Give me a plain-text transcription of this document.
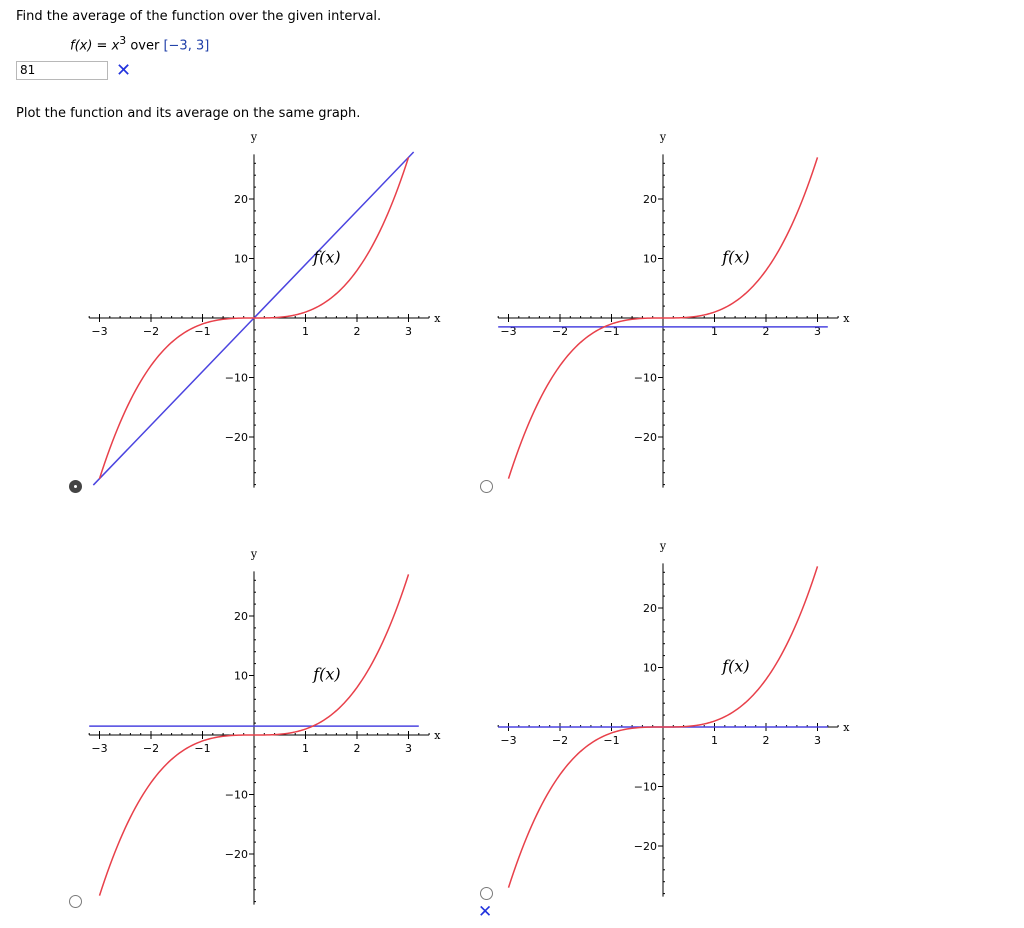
Find the average of the function over the given interval.
$f(x) = x^3$ over [−3, 3]
81	✕
Plot the function and its average on the same graph.
−3	−2	−1	1	2	3
20
10
−10
−20
x
y
f(x)
−3	−2	−1	1	2	3
20
10
−10
−20
x
y
f(x)
−3	−2	−1	1	2	3
20
10
−10
−20
x
y
f(x)
−3	−2	−1	1	2	3
20
10
−10
−20
x
y
f(x)
✕
